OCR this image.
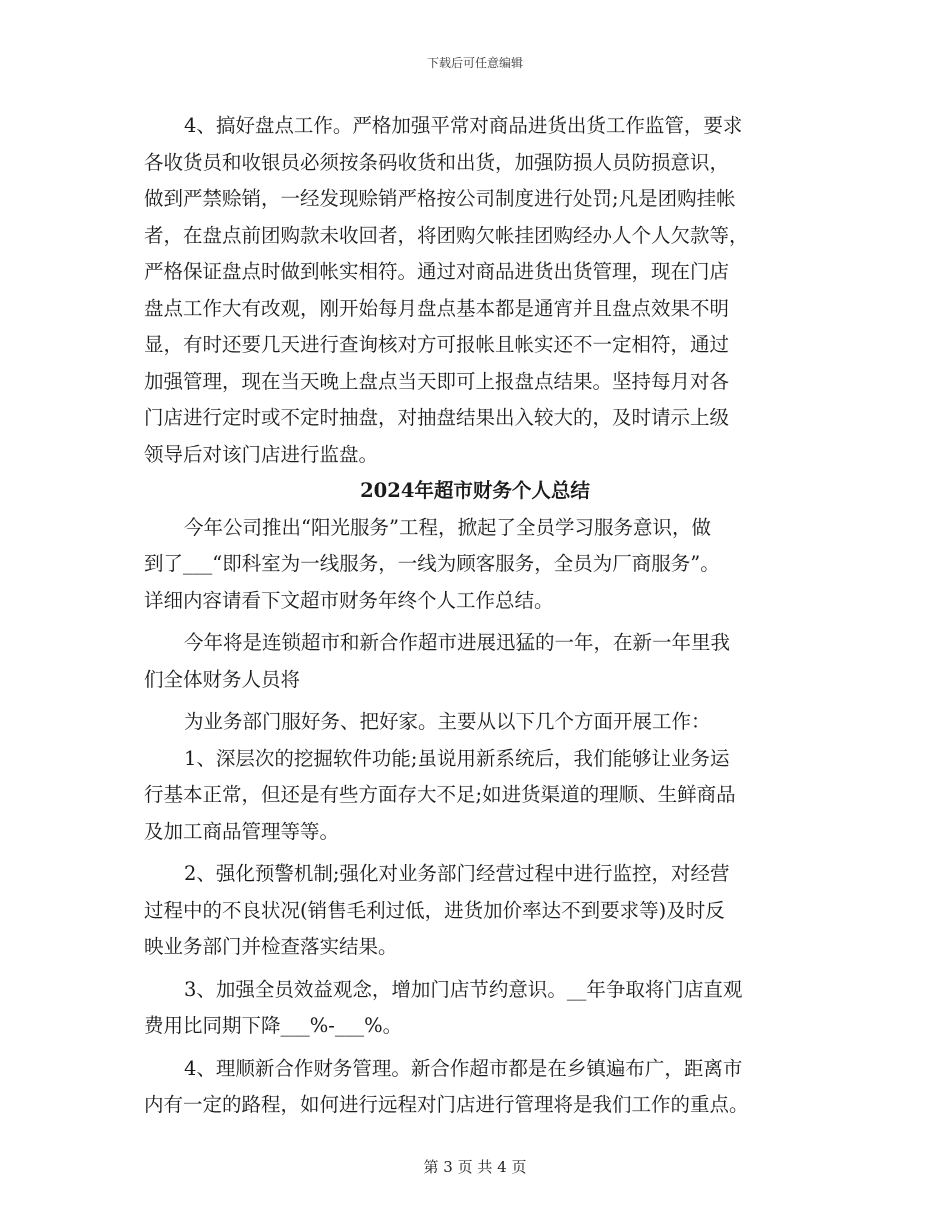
下载后可任意编辑
4、搞好盘点工作。严格加强平常对商品进货出货工作监管，要求
各收货员和收银员必须按条码收货和出货，加强防损人员防损意识，
做到严禁赊销，一经发现赊销严格按公司制度进行处罚;凡是团购挂帐
者，在盘点前团购款未收回者，将团购欠帐挂团购经办人个人欠款等，
严格保证盘点时做到帐实相符。通过对商品进货出货管理，现在门店
盘点工作大有改观，刚开始每月盘点基本都是通宵并且盘点效果不明
显，有时还要几天进行查询核对方可报帐且帐实还不一定相符，通过
加强管理，现在当天晚上盘点当天即可上报盘点结果。坚持每月对各
门店进行定时或不定时抽盘，对抽盘结果出入较大的，及时请示上级
领导后对该门店进行监盘。
2024年超市财务个人总结
今年公司推出“阳光服务”工程，掀起了全员学习服务意识，做
到了___“即科室为一线服务，一线为顾客服务，全员为厂商服务”。
详细内容请看下文超市财务年终个人工作总结。
今年将是连锁超市和新合作超市进展迅猛的一年，在新一年里我
们全体财务人员将
为业务部门服好务、把好家。主要从以下几个方面开展工作：
1、深层次的挖掘软件功能;虽说用新系统后，我们能够让业务运
行基本正常，但还是有些方面存大不足;如进货渠道的理顺、生鲜商品
及加工商品管理等等。
2、强化预警机制;强化对业务部门经营过程中进行监控，对经营
过程中的不良状况(销售毛利过低，进货加价率达不到要求等)及时反
映业务部门并检查落实结果。
3、加强全员效益观念，增加门店节约意识。__年争取将门店直观
费用比同期下降___%-___%。
4、理顺新合作财务管理。新合作超市都是在乡镇遍布广，距离市
内有一定的路程，如何进行远程对门店进行管理将是我们工作的重点。
第 3 页 共 4 页
